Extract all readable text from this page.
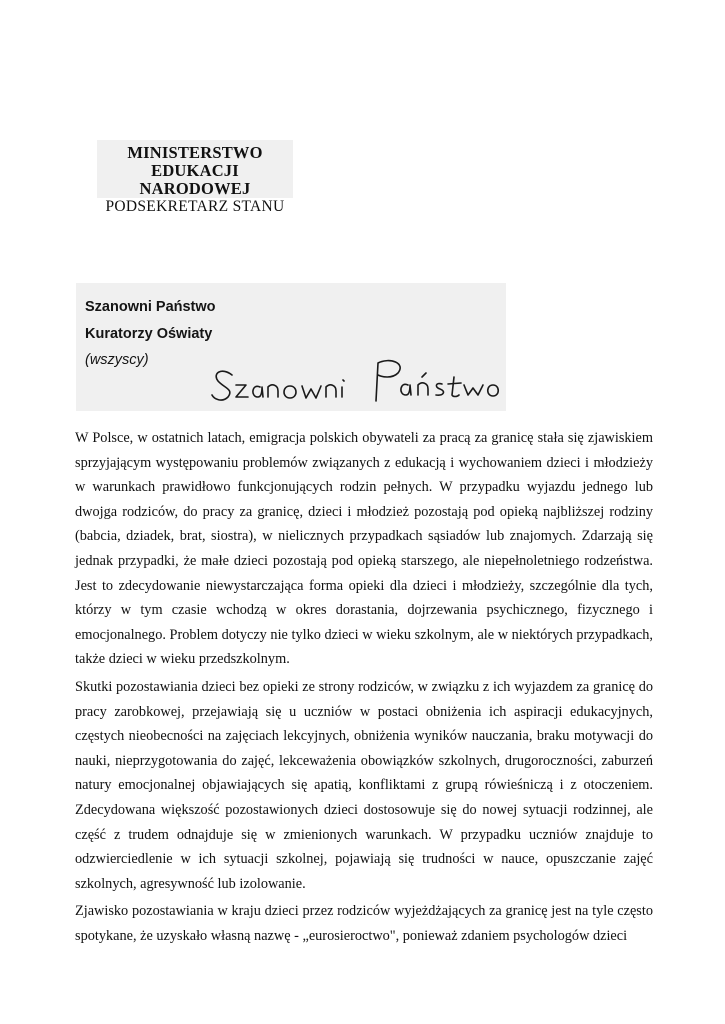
MINISTERSTWO
EDUKACJI NARODOWEJ
PODSEKRETARZ STANU
Szanowni Państwo
Kuratorzy Oświaty
(wszyscy)

W Polsce, w ostatnich latach, emigracja polskich obywateli za pracą za granicę stała się zjawiskiem sprzyjającym występowaniu problemów związanych z edukacją i wychowaniem dzieci i młodzieży w warunkach prawidłowo funkcjonujących rodzin pełnych. W przypadku wyjazdu jednego lub dwojga rodziców, do pracy za granicę, dzieci i młodzież pozostają pod opieką najbliższej rodziny (babcia, dziadek, brat, siostra), w nielicznych przypadkach sąsiadów lub znajomych. Zdarzają się jednak przypadki, że małe dzieci pozostają pod opieką starszego, ale niepełnoletniego rodzeństwa. Jest to zdecydowanie niewystarczająca forma opieki dla dzieci i młodzieży, szczególnie dla tych, którzy w tym czasie wchodzą w okres dorastania, dojrzewania psychicznego, fizycznego i emocjonalnego. Problem dotyczy nie tylko dzieci w wieku szkolnym, ale w niektórych przypadkach, także dzieci w wieku przedszkolnym.

Skutki pozostawiania dzieci bez opieki ze strony rodziców, w związku z ich wyjazdem za granicę do pracy zarobkowej, przejawiają się u uczniów w postaci obniżenia ich aspiracji edukacyjnych, częstych nieobecności na zajęciach lekcyjnych, obniżenia wyników nauczania, braku motywacji do nauki, nieprzygotowania do zajęć, lekceważenia obowiązków szkolnych, drugoroczności, zaburzeń natury emocjonalnej objawiających się apatią, konfliktami z grupą rówieśniczą i z otoczeniem. Zdecydowana większość pozostawionych dzieci dostosowuje się do nowej sytuacji rodzinnej, ale część z trudem odnajduje się w zmienionych warunkach. W przypadku uczniów znajduje to odzwierciedlenie w ich sytuacji szkolnej, pojawiają się trudności w nauce, opuszczanie zajęć szkolnych, agresywność lub izolowanie.

Zjawisko pozostawiania w kraju dzieci przez rodziców wyjeżdżających za granicę jest na tyle często spotykane, że uzyskało własną nazwę - „eurosieroctwo", ponieważ zdaniem psychologów dzieci
